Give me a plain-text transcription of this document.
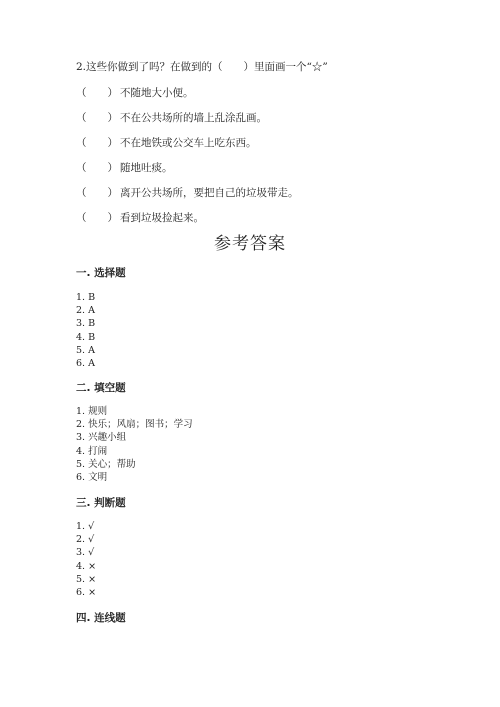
2.这些你做到了吗？在做到的（　　）里面画一个“☆”
（　　） 不随地大小便。
（　　） 不在公共场所的墙上乱涂乱画。
（　　） 不在地铁或公交车上吃东西。
（　　） 随地吐痰。
（　　） 离开公共场所，要把自己的垃圾带走。
（　　） 看到垃圾捡起来。
参考答案
一. 选择题
1. B
2. A
3. B
4. B
5. A
6. A
二. 填空题
1. 规则
2. 快乐；风扇；图书；学习
3. 兴趣小组
4. 打闹
5. 关心；帮助
6. 文明
三. 判断题
1. √
2. √
3. √
4. ×
5. ×
6. ×
四. 连线题
